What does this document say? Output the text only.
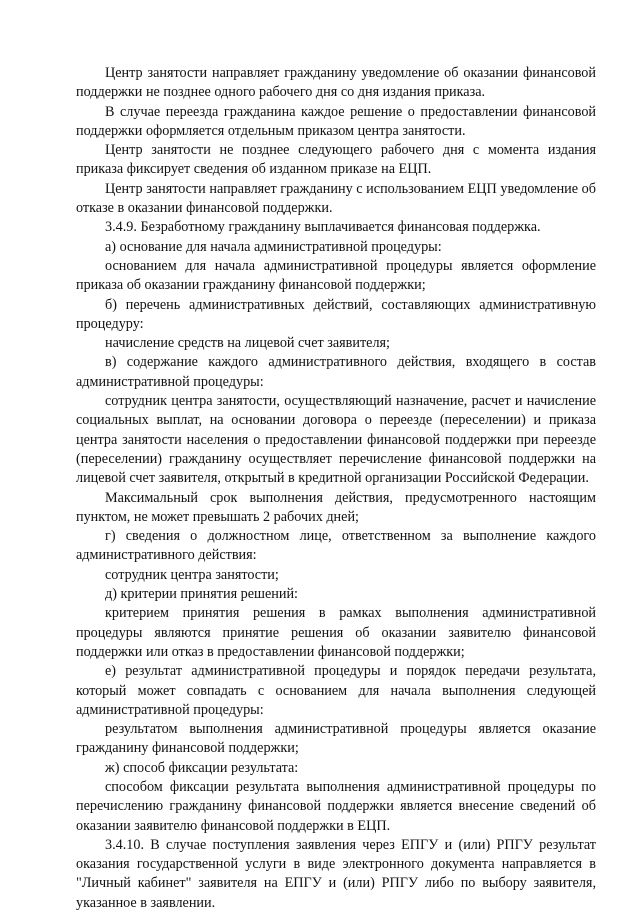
Центр занятости направляет гражданину уведомление об оказании финансовой поддержки не позднее одного рабочего дня со дня издания приказа.

В случае переезда гражданина каждое решение о предоставлении финансовой поддержки оформляется отдельным приказом центра занятости.

Центр занятости не позднее следующего рабочего дня с момента издания приказа фиксирует сведения об изданном приказе на ЕЦП.

Центр занятости направляет гражданину с использованием ЕЦП уведомление об отказе в оказании финансовой поддержки.

3.4.9. Безработному гражданину выплачивается финансовая поддержка.

а) основание для начала административной процедуры:

основанием для начала административной процедуры является оформление приказа об оказании гражданину финансовой поддержки;

б) перечень административных действий, составляющих административную процедуру:

начисление средств на лицевой счет заявителя;

в) содержание каждого административного действия, входящего в состав административной процедуры:

сотрудник центра занятости, осуществляющий назначение, расчет и начисление социальных выплат, на основании договора о переезде (переселении) и приказа центра занятости населения о предоставлении финансовой поддержки при переезде (переселении) гражданину осуществляет перечисление финансовой поддержки на лицевой счет заявителя, открытый в кредитной организации Российской Федерации.

Максимальный срок выполнения действия, предусмотренного настоящим пунктом, не может превышать 2 рабочих дней;

г) сведения о должностном лице, ответственном за выполнение каждого административного действия:

сотрудник центра занятости;

д) критерии принятия решений:

критерием принятия решения в рамках выполнения административной процедуры являются принятие решения об оказании заявителю финансовой поддержки или отказ в предоставлении финансовой поддержки;

е) результат административной процедуры и порядок передачи результата, который может совпадать с основанием для начала выполнения следующей административной процедуры:

результатом выполнения административной процедуры является оказание гражданину финансовой поддержки;

ж) способ фиксации результата:

способом фиксации результата выполнения административной процедуры по перечислению гражданину финансовой поддержки является внесение сведений об оказании заявителю финансовой поддержки в ЕЦП.

3.4.10. В случае поступления заявления через ЕПГУ и (или) РПГУ результат оказания государственной услуги в виде электронного документа направляется в "Личный кабинет" заявителя на ЕПГУ и (или) РПГУ либо по выбору заявителя, указанное в заявлении.
